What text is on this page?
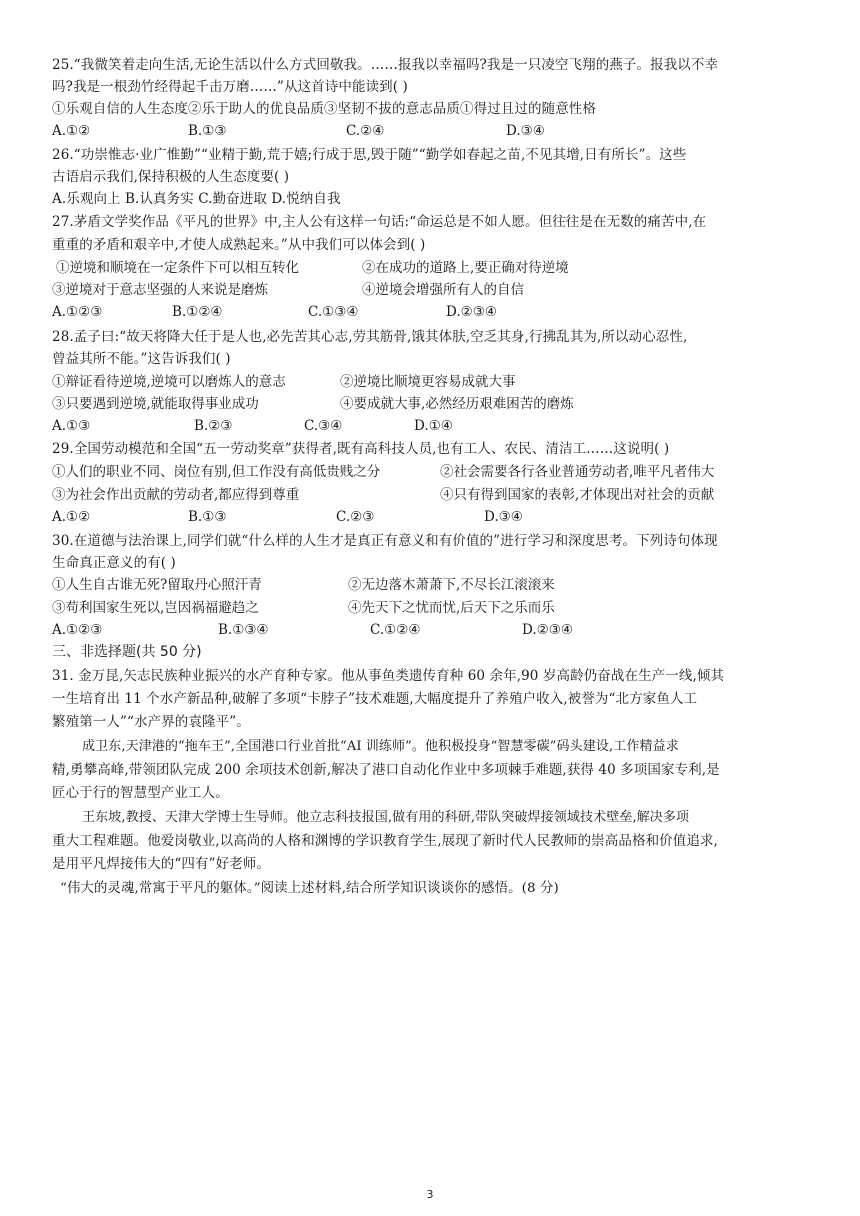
25.“我微笑着走向生活,无论生活以什么方式回敬我。……报我以幸福吗?我是一只凌空飞翔的燕子。报我以不幸
吗?我是一根劲竹经得起千击万磨……”从这首诗中能读到( )
①乐观自信的人生态度②乐于助人的优良品质③坚韧不拔的意志品质①得过且过的随意性格
A.①②	B.①③	C.②④	D.③④
26.“功崇惟志·业广惟勤”“业精于勤,荒于嬉;行成于思,毁于随”“勤学如春起之苗,不见其增,日有所长”。这些
古语启示我们,保持积极的人生态度要( )
A.乐观向上 B.认真务实 C.勤奋进取 D.悦纳自我
27.茅盾文学奖作品《平凡的世界》中,主人公有这样一句话:“命运总是不如人愿。但往往是在无数的痛苦中,在
重重的矛盾和艰辛中,才使人成熟起来。”从中我们可以体会到( )
①逆境和顺境在一定条件下可以相互转化	②在成功的道路上,要正确对待逆境
③逆境对于意志坚强的人来说是磨炼	④逆境会增强所有人的自信
A.①②③	B.①②④	C.①③④	D.②③④
28.孟子曰:“故天将降大任于是人也,必先苦其心志,劳其筋骨,饿其体肤,空乏其身,行拂乱其为,所以动心忍性,
曾益其所不能。”这告诉我们( )
①辩证看待逆境,逆境可以磨炼人的意志	②逆境比顺境更容易成就大事
③只要遇到逆境,就能取得事业成功	④要成就大事,必然经历艰难困苦的磨炼
A.①③	B.②③	C.③④	D.①④
29.全国劳动模范和全国“五一劳动奖章”获得者,既有高科技人员,也有工人、农民、清洁工……这说明( )
①人们的职业不同、岗位有别,但工作没有高低贵贱之分	②社会需要各行各业普通劳动者,唯平凡者伟大
③为社会作出贡献的劳动者,都应得到尊重	④只有得到国家的表彰,才体现出对社会的贡献
A.①②	B.①③	C.②③	D.③④
30.在道德与法治课上,同学们就“什么样的人生才是真正有意义和有价值的”进行学习和深度思考。下列诗句体现
生命真正意义的有( )
①人生自古谁无死?留取丹心照汗青	②无边落木萧萧下,不尽长江滚滚来
③苟利国家生死以,岂因祸福避趋之	④先天下之忧而忧,后天下之乐而乐
A.①②③	B.①③④	C.①②④	D.②③④
三、非选择题(共 50 分)
31. 金万昆,矢志民族种业振兴的水产育种专家。他从事鱼类遗传育种 60 余年,90 岁高龄仍奋战在生产一线,倾其
一生培育出 11 个水产新品种,破解了多项“卡脖子”技术难题,大幅度提升了养殖户收入,被誉为“北方家鱼人工
繁殖第一人”“水产界的袁隆平”。
成卫东,天津港的“拖车王”,全国港口行业首批“AI 训练师”。他积极投身“智慧零碳”码头建设,工作精益求
精,勇攀高峰,带领团队完成 200 余项技术创新,解决了港口自动化作业中多项棘手难题,获得 40 多项国家专利,是
匠心于行的智慧型产业工人。
王东坡,教授、天津大学博士生导师。他立志科技报国,做有用的科研,带队突破焊接领域技术壁垒,解决多项
重大工程难题。他爱岗敬业,以高尚的人格和渊博的学识教育学生,展现了新时代人民教师的崇高品格和价值追求,
是用平凡焊接伟大的“四有”好老师。
“伟大的灵魂,常寓于平凡的躯体。”阅读上述材料,结合所学知识谈谈你的感悟。(8 分)
3
